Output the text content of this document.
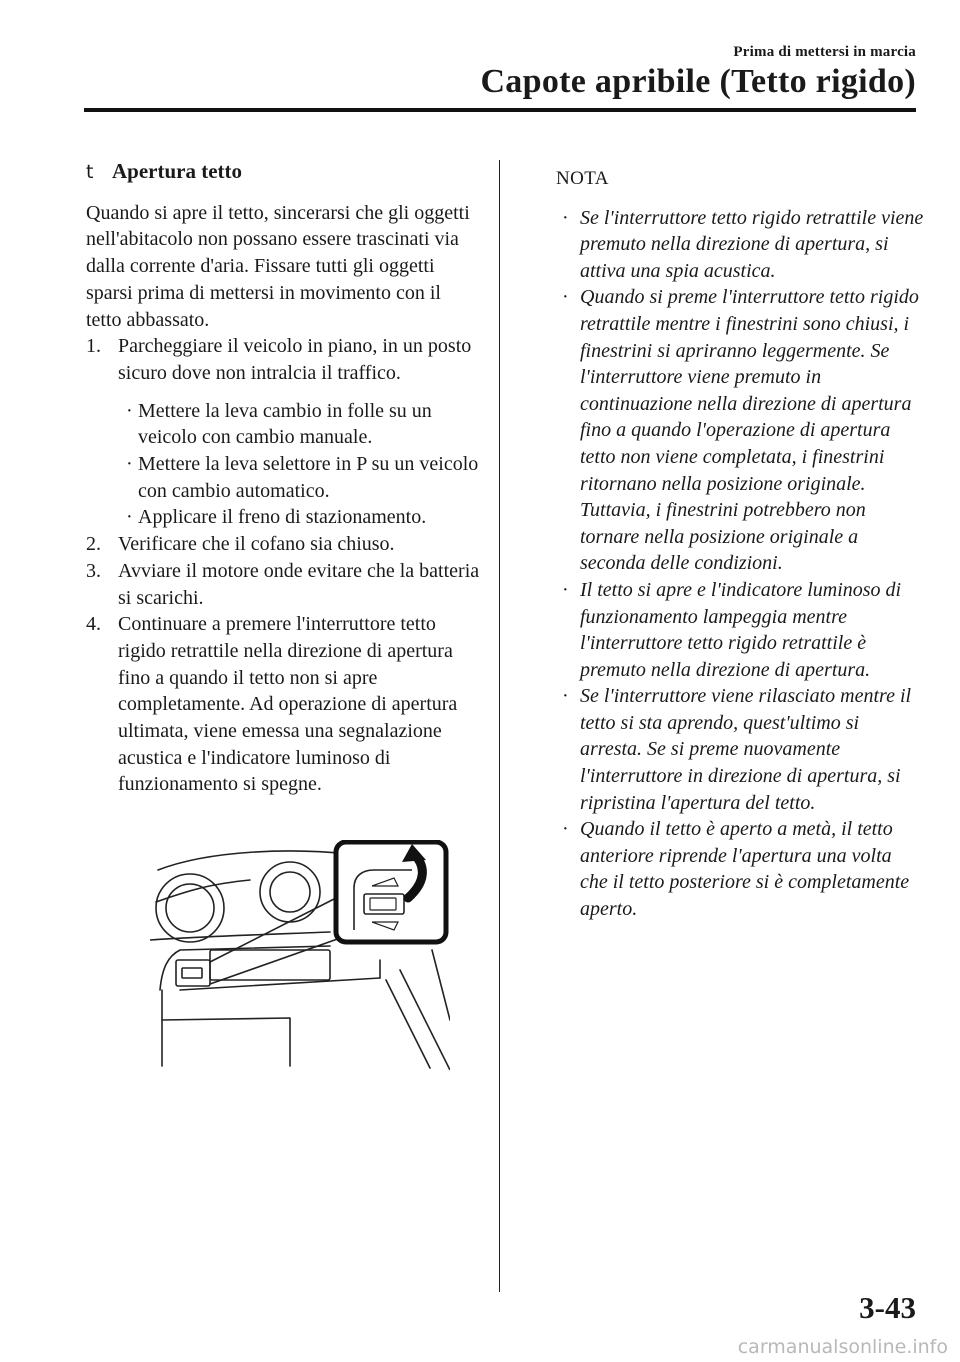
Prima di mettersi in marcia
Capote apribile (Tetto rigido)
t Apertura tetto

Quando si apre il tetto, sincerarsi che gli oggetti nell'abitacolo non possano essere trascinati via dalla corrente d'aria. Fissare tutti gli oggetti sparsi prima di mettersi in movimento con il tetto abbassato.

1. Parcheggiare il veicolo in piano, in un posto sicuro dove non intralcia il traffico.
· Mettere la leva cambio in folle su un veicolo con cambio manuale.
· Mettere la leva selettore in P su un veicolo con cambio automatico.
· Applicare il freno di stazionamento.
2. Verificare che il cofano sia chiuso.
3. Avviare il motore onde evitare che la batteria si scarichi.
4. Continuare a premere l'interruttore tetto rigido retrattile nella direzione di apertura fino a quando il tetto non si apre completamente. Ad operazione di apertura ultimata, viene emessa una segnalazione acustica e l'indicatore luminoso di funzionamento si spegne.
NOTA
· Se l'interruttore tetto rigido retrattile viene premuto nella direzione di apertura, si attiva una spia acustica.
· Quando si preme l'interruttore tetto rigido retrattile mentre i finestrini sono chiusi, i finestrini si apriranno leggermente. Se l'interruttore viene premuto in continuazione nella direzione di apertura fino a quando l'operazione di apertura tetto non viene completata, i finestrini ritornano nella posizione originale. Tuttavia, i finestrini potrebbero non tornare nella posizione originale a seconda delle condizioni.
· Il tetto si apre e l'indicatore luminoso di funzionamento lampeggia mentre l'interruttore tetto rigido retrattile è premuto nella direzione di apertura.
· Se l'interruttore viene rilasciato mentre il tetto si sta aprendo, quest'ultimo si arresta. Se si preme nuovamente l'interruttore in direzione di apertura, si ripristina l'apertura del tetto.
· Quando il tetto è aperto a metà, il tetto anteriore riprende l'apertura una volta che il tetto posteriore si è completamente aperto.
3-43
carmanualsonline.info
